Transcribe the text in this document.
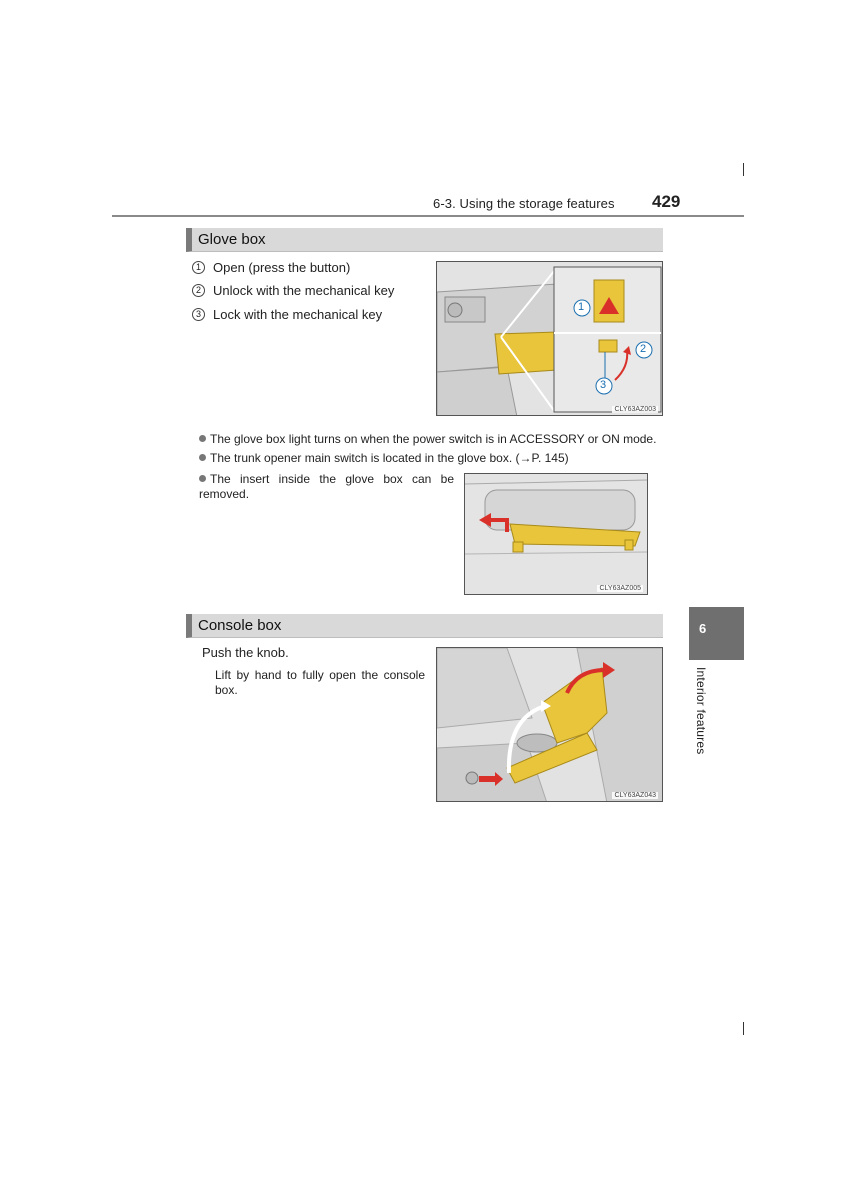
6-3. Using the storage features 429
Glove box
1 Open (press the button)
2 Unlock with the mechanical key
3 Lock with the mechanical key	1
2
3
CLY63AZ003
The glove box light turns on when the power switch is in ACCESSORY or ON mode.
The trunk opener main switch is located in the glove box. (→P. 145)
The insert inside the glove box can be removed.
CLY63AZ005
Console box
Push the knob.
Lift by hand to fully open the console box.
CLY63AZ043
6
Interior features
